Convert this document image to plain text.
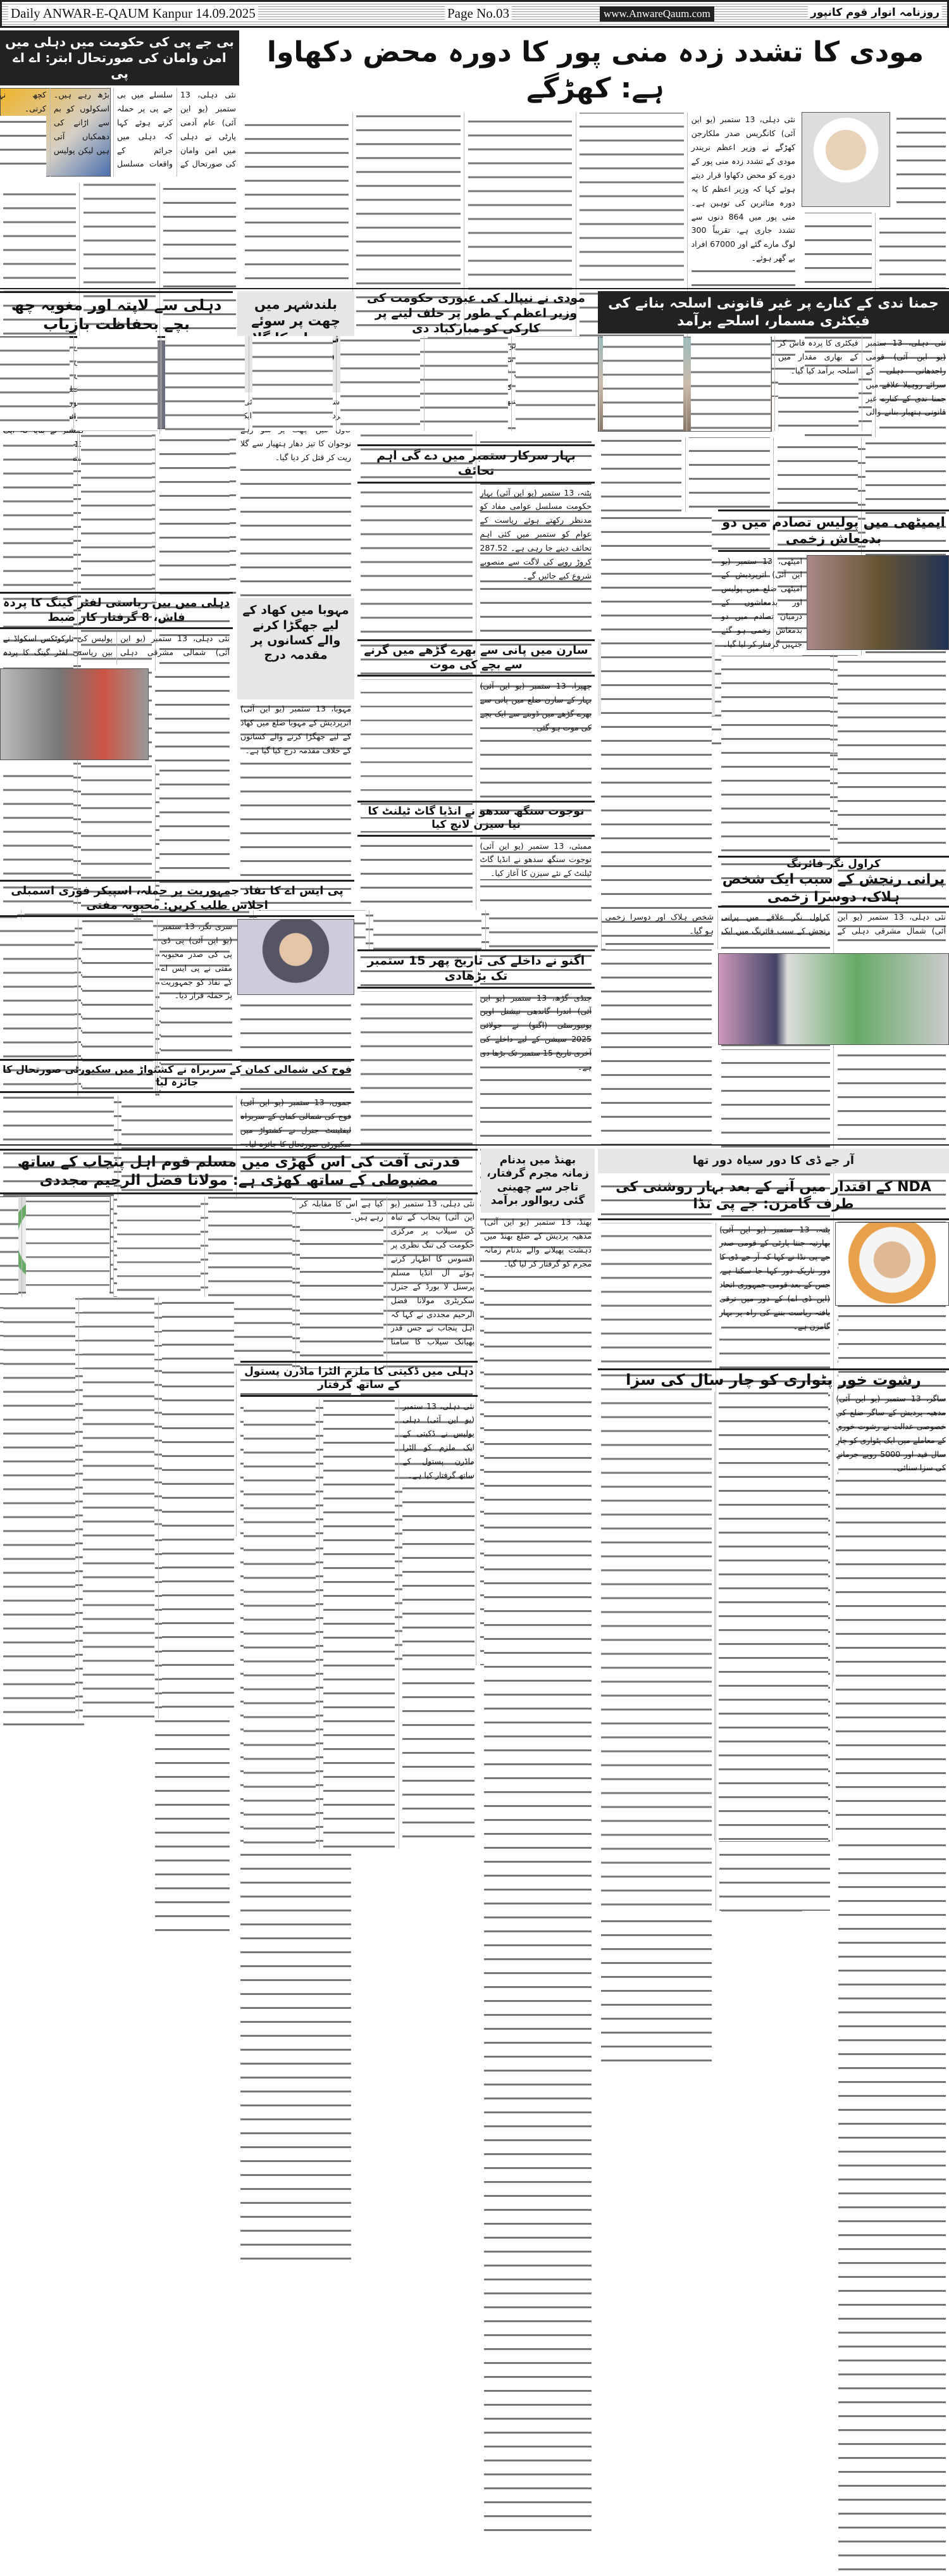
Daily ANWAR-E-QAUM Kanpur 14.09.2025	Page No.03	www.AnwareQaum.com	روزنامہ انوار قوم کانپور
بی جے پی کی حکومت میں دہلی میں امن وامان کی صورتحال ابتر: اے اے پی
نئی دہلی، 13 ستمبر (یو این آئی) عام آدمی پارٹی نے دہلی میں امن وامان کی صورتحال کے سلسلے میں بی جے پی پر حملہ کرتے ہوئے کہا کہ دہلی میں جرائم کے واقعات مسلسل
مودی کا تشدد زدہ منی پور کا دورہ محض دکھاوا ہے: کھڑگے
نئی دہلی، 13 ستمبر (یو این آئی) کانگریس صدر ملکارجن کھڑگے نے وزیر اعظم نریندر مودی کے تشدد زدہ منی پور کے دورے کو محض دکھاوا قرار دیتے ہوئے کہا کہ وزیر اعظم کا یہ دورہ متاثرین کی توہین ہے۔ منی پور میں 864 دنوں سے تشدد جاری ہے، تقریباً 300 لوگ مارے گئے اور 67000 افراد بے گھر ہوئے۔
دہلی سے لاپتہ اور مغویہ چھ بچے بحفاظت بازیاب
نئی دہلی، 13 ستمبر (یو این آئی) دہلی پولیس کی کرائم برانچ نے مختلف جگہوں سے بچوں کا سراغ لگایا۔ کرائم برانچ کے ڈپٹی کمشنر نے بتایا کہ ایک 13 سالہ بچی کو 7 ستمبر کو بازیاب کیا گیا۔
بلندشہر میں چھت پر سوئے نوجوان کا گلا ریت کر قتل
بلندشہر، 13 ستمبر (یو این آئی) اترپردیش کے بلندشہر کے ایک گاؤں میں چھت پر سو رہے نوجوان کا تیز دھار ہتھیار سے گلا ریت کر قتل کر دیا گیا۔
مودی نے نیپال کی عبوری حکومت کی وزیر اعظم کے طور پر حلف لینے پر کارکی کو مبارکباد دی
نئی دہلی، 13 ستمبر (یو این آئی) وزیر اعظم نریندر مودی نے محترمہ سشیلا کارکی کو نیپال کی عبوری حکومت کی وزیر اعظم کا عہدہ سنبھالنے پر مبارکباد پیش کی ہے۔
جمنا ندی کے کنارے پر غیر قانونی اسلحہ بنانے کی فیکٹری مسمار، اسلحے برآمد
نئی دہلی، 13 ستمبر (یو این آئی) قومی راجدھانی دہلی کے سرائے روہیلا علاقے میں جمنا ندی کے کنارے غیر قانونی ہتھیار بنانے والی فیکٹری کا پردہ فاش کر کے بھاری مقدار میں اسلحہ برآمد کیا گیا۔
بہار سرکار ستمبر میں دے گی اہم تحائف
پٹنہ، 13 ستمبر (یو این آئی) بہار حکومت مسلسل عوامی مفاد کو مدنظر رکھتے ہوئے ریاست کے عوام کو ستمبر میں کئی اہم تحائف دینے جا رہی ہے۔ 287.52 کروڑ روپے کی لاگت سے منصوبے شروع کیے جائیں گے۔
ایمیٹھی میں پولیس تصادم میں دو بدمعاش زخمی
امیٹھی، 13 ستمبر (یو این آئی) اترپردیش کے امیٹھی ضلع میں پولیس اور بدمعاشوں کے درمیان تصادم میں دو بدمعاش زخمی ہو گئے جنہیں گرفتار کر لیا گیا۔
پرتاپ گڑھ میں والد کے ہاتھوں معصوم بیٹی قتل
پرتاپ گڑھ، 13 ستمبر (یو این آئی) اترپردیش کے پرتاپ گڑھ ضلع میں ایک شخص نے اپنی معصوم بیٹی کا قتل کر دیا۔ پولیس نے ملزم کو گرفتار کر لیا ہے۔
سارن میں پانی سے بھرے گڑھے میں گرنے سے بچے کی موت
چھپرا، 13 ستمبر (یو این آئی) بہار کے سارن ضلع میں پانی سے بھرے گڑھے میں ڈوبنے سے ایک بچے کی موت ہو گئی۔
دہلی میں بین ریاستی لفٹر گینگ کا پردہ فاش، 8 گرفتار کار ضبط
نئی دہلی، 13 ستمبر (یو این آئی) شمالی مشرقی دہلی پولیس کی نارکوٹکس اسکواڈ نے بین ریاستی لفٹر گینگ کا پردہ
مہوبا میں کھاد کے لیے جھگڑا کرنے والے کسانوں پر مقدمہ درج
مہوبا، 13 ستمبر (یو این آئی) اترپردیش کے مہوبا ضلع میں کھاد کے لیے جھگڑا کرنے والے کسانوں کے خلاف مقدمہ درج کیا گیا ہے۔
نوجوت سنگھ سدھو نے انڈیا گاٹ ٹیلنٹ کا نیا سیزن لانچ کیا
ممبئی، 13 ستمبر (یو این آئی) نوجوت سنگھ سدھو نے انڈیا گاٹ ٹیلنٹ کے نئے سیزن کا آغاز کیا۔
کراول نگر فائرنگ
پرانی رنجش کے سبب ایک شخص ہلاک، دوسرا زخمی
نئی دہلی، 13 ستمبر (یو این آئی) شمال مشرقی دہلی کے کراول نگر علاقے میں پرانی رنجش کے سبب فائرنگ میں ایک شخص ہلاک اور دوسرا زخمی ہو گیا۔
پی ایس اے کا نفاذ جمہوریت پر حملہ، اسپیکر فوری اسمبلی اجلاس طلب کریں: محبوبہ مفتی
سری نگر، 13 ستمبر (یو این آئی) پی ڈی پی کی صدر محبوبہ مفتی نے پی ایس اے کے نفاذ کو جمہوریت پر حملہ قرار دیا۔
اگنو نے داخلے کی تاریخ پھر 15 ستمبر تک بڑھادی
چنڈی گڑھ، 13 ستمبر (یو این آئی) اندرا گاندھی نیشنل اوپن یونیورسٹی (اگنو) نے جولائی 2025 سیشن کے لیے داخلے کی آخری تاریخ 15 ستمبر تک بڑھا دی ہے۔
فوج کی شمالی کمان کے سربراہ نے کشتواڑ میں سکیورٹی صورتحال کا جائزہ لیا
جموں، 13 ستمبر (یو این آئی) فوج کی شمالی کمان کے سربراہ لیفٹیننٹ جنرل نے کشتواڑ میں
قدرتی آفت کی اس گھڑی میں مسلم قوم اہل پنجاب کے ساتھ مضبوطی کے ساتھ کھڑی ہے: مولانا فضل الرحیم مجددی
نئی دہلی، 13 ستمبر (یو این آئی) پنجاب کے تباہ کن سیلاب پر مرکزی حکومت کی تنگ نظری پر افسوس کا اظہار کرتے ہوئے آل انڈیا مسلم پرسنل لا بورڈ کے جنرل سکریٹری مولانا فضل الرحیم مجددی نے کہا کہ اہل پنجاب نے جس قدر بھیانک سیلاب کا سامنا کیا ہے اس کا مقابلہ کر رہے ہیں۔
بھنڈ میں بدنام زمانہ مجرم گرفتار، تاجر سے چھینی گئی ریوالور برآمد
بھنڈ، 13 ستمبر (یو این آئی) مدھیہ پردیش کے ضلع بھنڈ میں دہشت پھیلانے والے بدنام زمانہ مجرم کو گرفتار کر لیا گیا۔
دہلی میں ڈکیتی کا ملزم الٹرا ماڈرن پستول کے ساتھ گرفتار
نئی دہلی، 13 ستمبر (یو این آئی) دہلی پولیس نے ڈکیتی کے ایک ملزم کو الٹرا ماڈرن پستول کے ساتھ گرفتار کیا ہے۔
آر جے ڈی کا دور سیاہ دور تھا
NDA کے اقتدار میں آنے کے بعد بہار روشنی کی طرف گامزن: جے پی نڈا
پٹنہ، 13 ستمبر (یو این آئی) بھارتیہ جنتا پارٹی کے قومی صدر جے پی نڈا نے کہا کہ آر جے ڈی کا دور تاریک دور کہا جا سکتا ہے، جس کے بعد قومی جمہوری اتحاد (این ڈی اے) کے دور میں ترقی یافتہ ریاست بننے کی راہ پر بہار گامزن ہے۔
رشوت خور پٹواری کو چار سال کی سزا
ساگر، 13 ستمبر (یو این آئی) مدھیہ پردیش کے ساگر ضلع کی خصوصی عدالت نے رشوت خوری کے معاملے میں ایک پٹواری کو چار سال قید اور 5000 روپے جرمانے کی سزا سنائی۔
